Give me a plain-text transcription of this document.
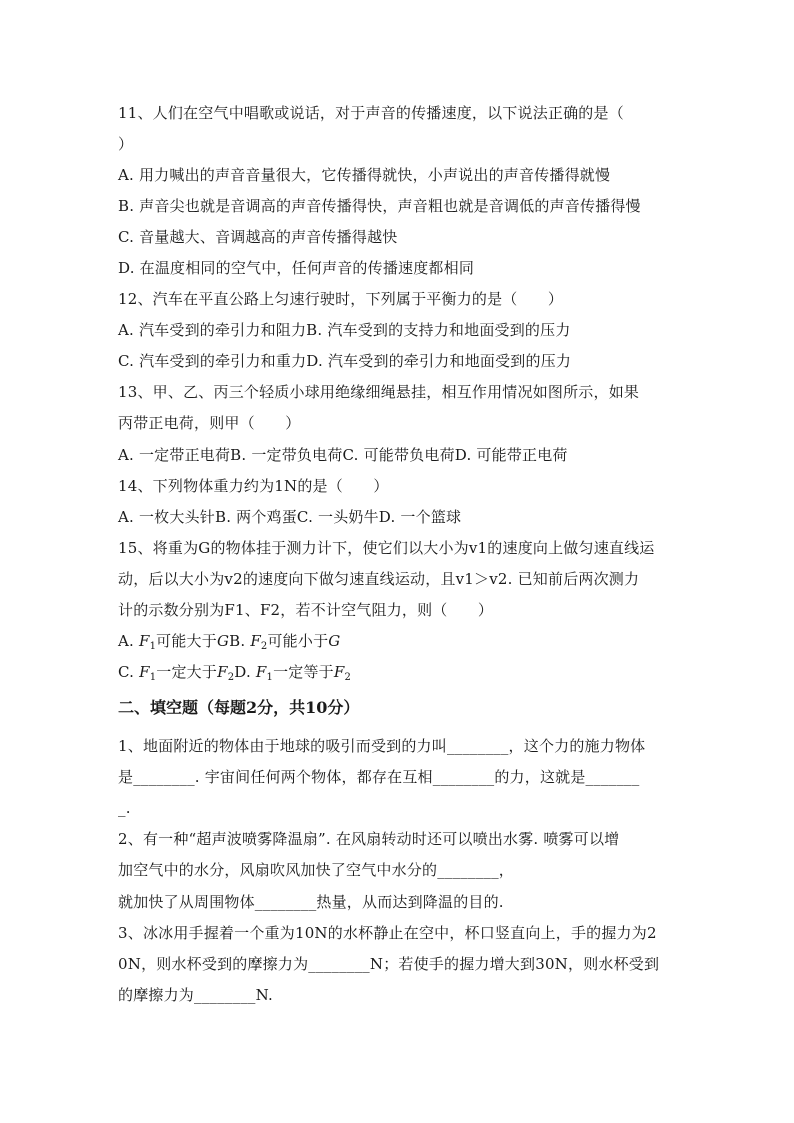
11、人们在空气中唱歌或说话，对于声音的传播速度，以下说法正确的是（
）
A. 用力喊出的声音音量很大，它传播得就快，小声说出的声音传播得就慢
B. 声音尖也就是音调高的声音传播得快，声音粗也就是音调低的声音传播得慢
C. 音量越大、音调越高的声音传播得越快
D. 在温度相同的空气中，任何声音的传播速度都相同
12、汽车在平直公路上匀速行驶时，下列属于平衡力的是（　　）
A. 汽车受到的牵引力和阻力B. 汽车受到的支持力和地面受到的压力
C. 汽车受到的牵引力和重力D. 汽车受到的牵引力和地面受到的压力
13、甲、乙、丙三个轻质小球用绝缘细绳悬挂，相互作用情况如图所示，如果
丙带正电荷，则甲（　　）
A. 一定带正电荷B. 一定带负电荷C. 可能带负电荷D. 可能带正电荷
14、下列物体重力约为1N的是（　　）
A. 一枚大头针B. 两个鸡蛋C. 一头奶牛D. 一个篮球
15、将重为G的物体挂于测力计下，使它们以大小为v1的速度向上做匀速直线运
动，后以大小为v2的速度向下做匀速直线运动，且v1＞v2. 已知前后两次测力
计的示数分别为F1、F2，若不计空气阻力，则（　　）
A. $F_1$可能大于GB. $F_2$可能小于G
C. $F_1$一定大于$F_2D$. $F_1$一定等于$F_2$
二、填空题（每题2分，共10分）
1、地面附近的物体由于地球的吸引而受到的力叫________，这个力的施力物体
是________. 宇宙间任何两个物体，都存在互相________的力，这就是_______
_.
2、有一种“超声波喷雾降温扇”. 在风扇转动时还可以喷出水雾. 喷雾可以增
加空气中的水分，风扇吹风加快了空气中水分的________，
就加快了从周围物体________热量，从而达到降温的目的.
3、冰冰用手握着一个重为10N的水杯静止在空中，杯口竖直向上，手的握力为2
0N，则水杯受到的摩擦力为________N；若使手的握力增大到30N，则水杯受到
的摩擦力为________N.
